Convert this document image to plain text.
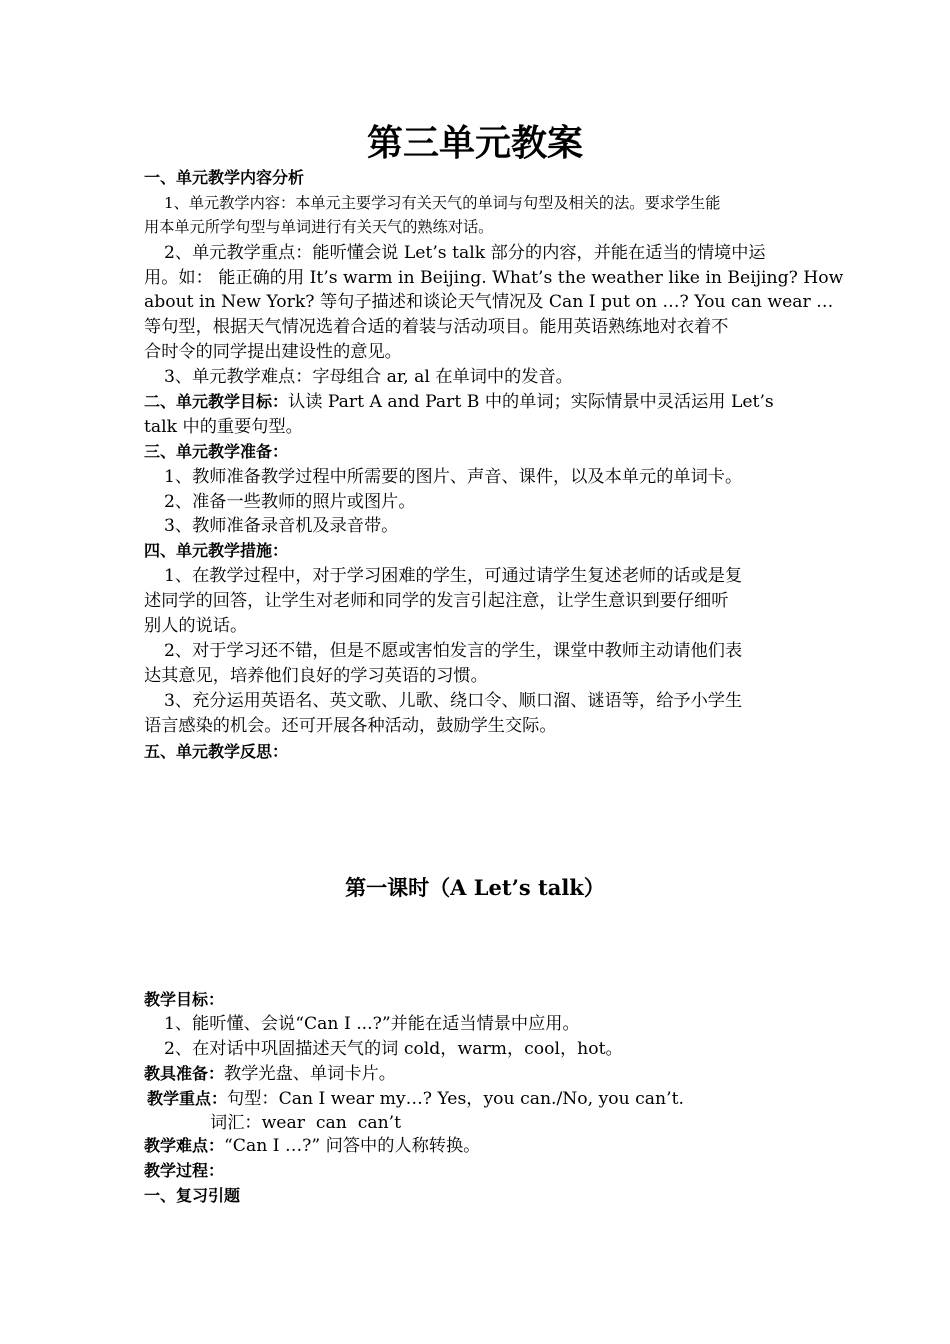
第三单元教案
一、单元教学内容分析
1、单元教学内容：本单元主要学习有关天气的单词与句型及相关的法。要求学生能
用本单元所学句型与单词进行有关天气的熟练对话。
2、单元教学重点：能听懂会说 Let’s talk 部分的内容，并能在适当的情境中运
用。如： 能正确的用 It’s warm in Beijing. What’s the weather like in Beijing? How
about in New York? 等句子描述和谈论天气情况及 Can I put on …? You can wear …
等句型，根据天气情况选着合适的着装与活动项目。能用英语熟练地对衣着不
合时令的同学提出建设性的意见。
3、单元教学难点：字母组合 ar, al 在单词中的发音。
二、单元教学目标：认读 Part A and Part B 中的单词；实际情景中灵活运用 Let’s
talk 中的重要句型。
三、单元教学准备：
1、教师准备教学过程中所需要的图片、声音、课件，以及本单元的单词卡。
2、准备一些教师的照片或图片。
3、教师准备录音机及录音带。
四、单元教学措施：
1、在教学过程中，对于学习困难的学生，可通过请学生复述老师的话或是复
述同学的回答，让学生对老师和同学的发言引起注意，让学生意识到要仔细听
别人的说话。
2、对于学习还不错，但是不愿或害怕发言的学生，课堂中教师主动请他们表
达其意见，培养他们良好的学习英语的习惯。
3、充分运用英语名、英文歌、儿歌、绕口令、顺口溜、谜语等，给予小学生
语言感染的机会。还可开展各种活动，鼓励学生交际。
五、单元教学反思：
第一课时（A Let’s talk）
教学目标：
1、能听懂、会说“Can I ...?”并能在适当情景中应用。
2、在对话中巩固描述天气的词 cold，warm，cool，hot。
教具准备：教学光盘、单词卡片。
教学重点：句型：Can I wear my…? Yes，you can./No, you can’t.
词汇：wear  can  can’t
教学难点：“Can I …?” 问答中的人称转换。
教学过程：
一、复习引题
